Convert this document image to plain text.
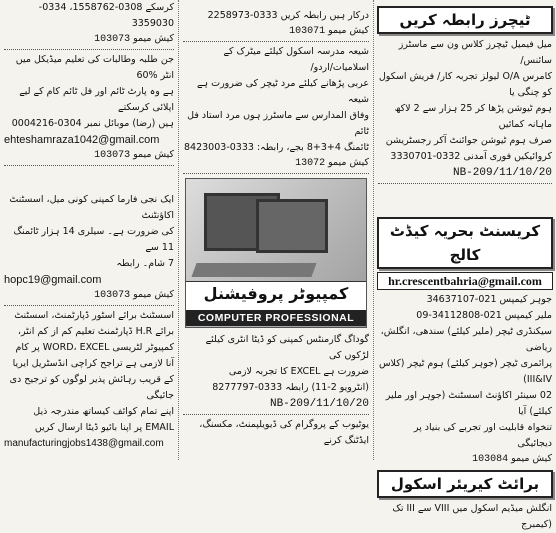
کرسکے 0308-1558762، 0334-3359030
کیش میمو 103073
جن طلبہ وطالبات کی تعلیم میڈیکل میں انٹر %60
ہے وہ پارٹ ٹائم اور فل ٹائم کام کے لیے اپلائی کرسکتے
ہیں (رضا) موبائل نمبر 0304-0004216
ehteshamraza1042@gmail.com
کیش میمو 103073
ایک نجی فارما کمپنی کونی میل، اسسٹنٹ اکاؤنٹنٹ
کی ضرورت ہے۔ سیلری 14 ہزار ٹائمنگ 11 سے
7 شام۔ رابطہ
hopc19@gmail.com
کیش میمو 103073
اسسٹنٹ برائے اسٹور ڈپارٹمنٹ، اسسٹنٹ
برائے H.R ڈپارٹمنٹ تعلیم کم از کم انٹر،
کمپیوٹر لٹریسی WORD، EXCEL پر کام
آنا لازمی ہے تراجح کراچی انڈسٹریل ایریا
کے قریب رہائش پذیر لوگوں کو ترجیح دی جائیگی
اپنے تمام کوائف کیساتھ مندرجہ ذیل
EMAIL پر اپنا بائیو ڈیٹا ارسال کریں
manufacturingjobs1438@gmail.com
درکار ہیں رابطہ کریں 0333-2258973
کیش میمو 103071
شیعہ مدرسہ اسکول کیلئے میٹرک کے اسلامیات/اردو/
عربی پڑھانے کیلئے مرد ٹیچر کی ضرورت ہے شیعہ
وفاق المدارس سے ماسٹرز ہوں مرد استاد فل ٹائم
ٹائمنگ 4+3+8 بجے، رابطہ: 0333-8423003
کیش میمو 13072
کمپیوٹر پروفیشنل
COMPUTER PROFESSIONAL
گوداگ گارمنٹس کمپنی کو ڈیٹا انٹری کیلئے لڑکوں کی
ضرورت ہے EXCEL کا تجربہ لازمی
(انٹرویو 2-11) رابطہ 0333-8277797
NB-209/11/10/20
یوٹیوب کے پروگرام کی ڈیویلپمنٹ، مکسنگ، ایڈٹنگ کرنے
ٹیچرز رابطہ کریں
میل فیمیل ٹیچرز کلاس ون سے ماسٹرز سائنس/
کامرس O/A لیولز تجربہ کار/ فریش اسکول کو چنگی یا
ہوم ٹیوشن پڑھا کر 25 ہزار سے 2 لاکھ ماہانہ کمائیں
صرف ہوم ٹیوشن جوائنٹ آکر رجسٹریشن
کروائیکیں فوری آمدنی 0332-3330701
NB-209/11/10/20
کریسنٹ بحریہ کیڈٹ کالج
hr.crescentbahria@gmail.com
جوہر کیمپس 021-34637107
ملیر کیمپس 021-34112808-09
سیکنڈری ٹیچر (ملیر کیلئے) سندھی، انگلش، ریاضی
پرائمری ٹیچر (جوہر کیلئے) ہوم ٹیچر (کلاس III&IV)
02 سینئر اکاؤنٹ اسسٹنٹ (جوہر اور ملیر کیلئے) آیا
تنخواہ قابلیت اور تجربے کی بنیاد پر دیجائیگی
کیش میمو 103084
برائٹ کیریئر اسکول
انگلش میڈیم اسکول میں VIII سے III تک (کیمبرج
